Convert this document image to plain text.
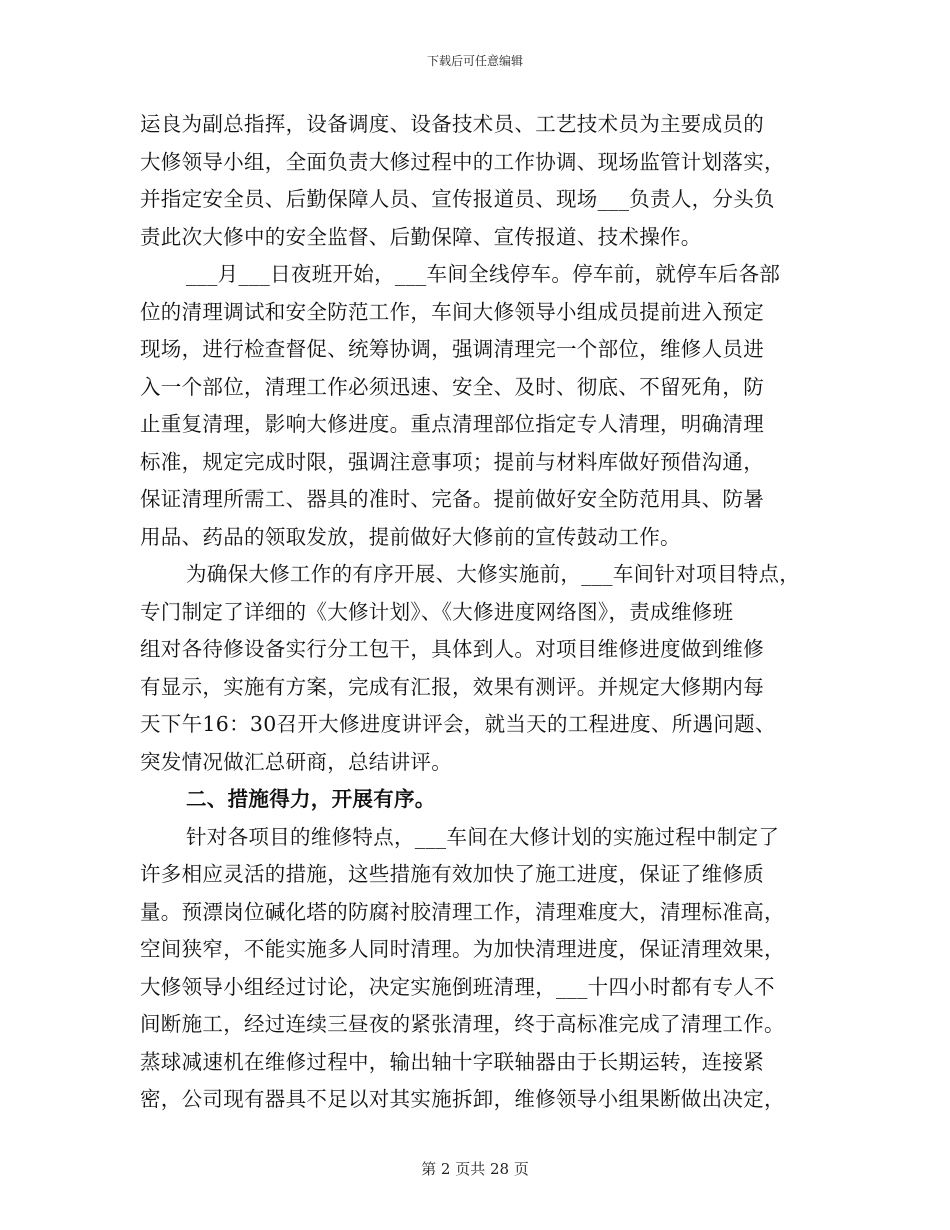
下载后可任意编辑
运良为副总指挥，设备调度、设备技术员、工艺技术员为主要成员的
大修领导小组，全面负责大修过程中的工作协调、现场监管计划落实，
并指定安全员、后勤保障人员、宣传报道员、现场___负责人，分头负
责此次大修中的安全监督、后勤保障、宣传报道、技术操作。
___月___日夜班开始，___车间全线停车。停车前，就停车后各部
位的清理调试和安全防范工作，车间大修领导小组成员提前进入预定
现场，进行检查督促、统筹协调，强调清理完一个部位，维修人员进
入一个部位，清理工作必须迅速、安全、及时、彻底、不留死角，防
止重复清理，影响大修进度。重点清理部位指定专人清理，明确清理
标准，规定完成时限，强调注意事项；提前与材料库做好预借沟通，
保证清理所需工、器具的准时、完备。提前做好安全防范用具、防暑
用品、药品的领取发放，提前做好大修前的宣传鼓动工作。
为确保大修工作的有序开展、大修实施前，___车间针对项目特点，
专门制定了详细的《大修计划》、《大修进度网络图》，责成维修班
组对各待修设备实行分工包干，具体到人。对项目维修进度做到维修
有显示，实施有方案，完成有汇报，效果有测评。并规定大修期内每
天下午16：30召开大修进度讲评会，就当天的工程进度、所遇问题、
突发情况做汇总研商，总结讲评。
二、措施得力，开展有序。
针对各项目的维修特点，___车间在大修计划的实施过程中制定了
许多相应灵活的措施，这些措施有效加快了施工进度，保证了维修质
量。预漂岗位碱化塔的防腐衬胶清理工作，清理难度大，清理标准高，
空间狭窄，不能实施多人同时清理。为加快清理进度，保证清理效果，
大修领导小组经过讨论，决定实施倒班清理，___十四小时都有专人不
间断施工，经过连续三昼夜的紧张清理，终于高标准完成了清理工作。
蒸球减速机在维修过程中，输出轴十字联轴器由于长期运转，连接紧
密，公司现有器具不足以对其实施拆卸，维修领导小组果断做出决定，
第 2 页共 28 页
